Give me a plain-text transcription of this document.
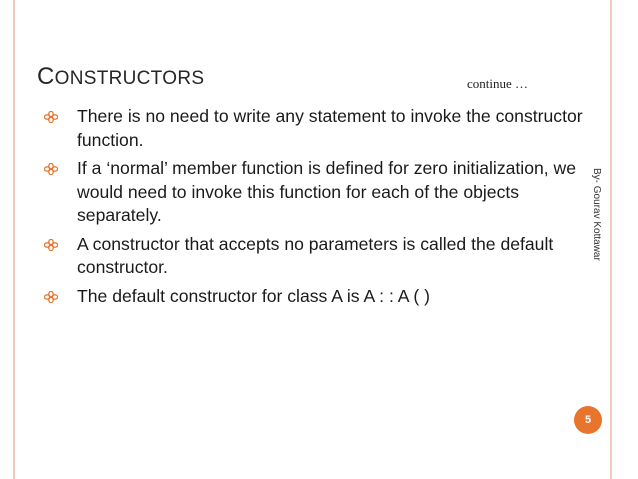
CONSTRUCTORS	continue …
There is no need to write any statement to invoke the constructor function.
If a ‘normal’ member function is defined for zero initialization, we would need to invoke this function for each of the objects separately.
A constructor that accepts no parameters is called the default constructor.
The default constructor for class A is A : : A ( )
By- Gourav Kottawar
5
